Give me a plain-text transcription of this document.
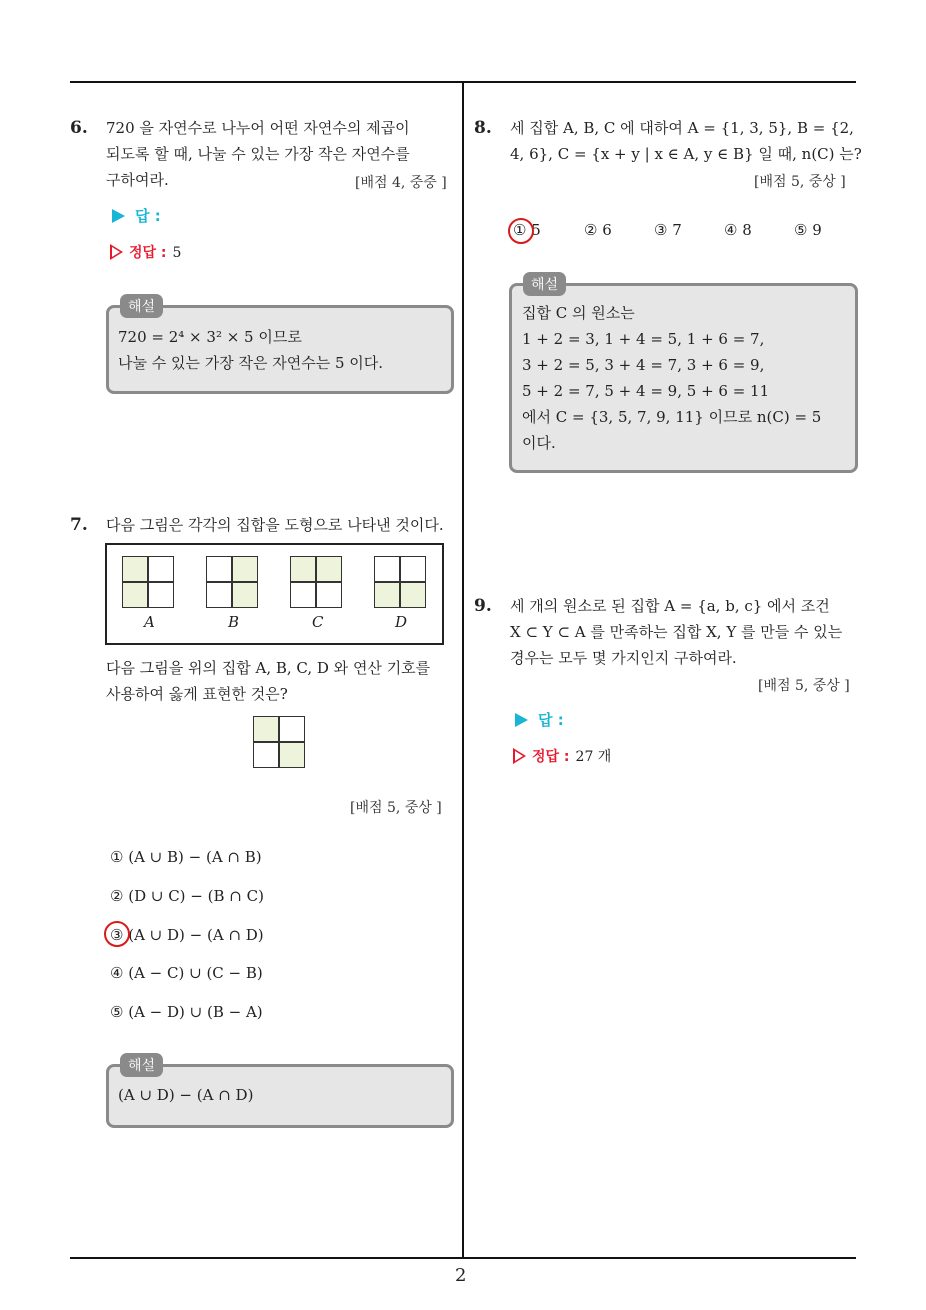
6. 720 을 자연수로 나누어 어떤 자연수의 제곱이
되도록 할 때, 나눌 수 있는 가장 작은 자연수를
구하여라.	[배점 4, 중중 ]
답 :
정답 : 5
해설
720 = 2⁴ × 3² × 5 이므로
나눌 수 있는 가장 작은 자연수는 5 이다.
7. 다음 그림은 각각의 집합을 도형으로 나타낸 것이다.
A	B	C	D
다음 그림을 위의 집합 A, B, C, D 와 연산 기호를
사용하여 옳게 표현한 것은?
[배점 5, 중상 ]
① (A ∪ B) − (A ∩ B)
② (D ∪ C) − (B ∩ C)
③ (A ∪ D) − (A ∩ D)
④ (A − C) ∪ (C − B)
⑤ (A − D) ∪ (B − A)
해설
(A ∪ D) − (A ∩ D)
8. 세 집합 A, B, C 에 대하여 A = {1, 3, 5}, B = {2,
4, 6}, C = {x + y | x ∈ A, y ∈ B} 일 때, n(C) 는?
[배점 5, 중상 ]
① 5	② 6	③ 7	④ 8	⑤ 9
해설
집합 C 의 원소는
1 + 2 = 3, 1 + 4 = 5, 1 + 6 = 7,
3 + 2 = 5, 3 + 4 = 7, 3 + 6 = 9,
5 + 2 = 7, 5 + 4 = 9, 5 + 6 = 11
에서 C = {3, 5, 7, 9, 11} 이므로 n(C) = 5
이다.
9. 세 개의 원소로 된 집합 A = {a, b, c} 에서 조건
X ⊂ Y ⊂ A 를 만족하는 집합 X, Y 를 만들 수 있는
경우는 모두 몇 가지인지 구하여라.
[배점 5, 중상 ]
답 :
정답 : 27 개
2
